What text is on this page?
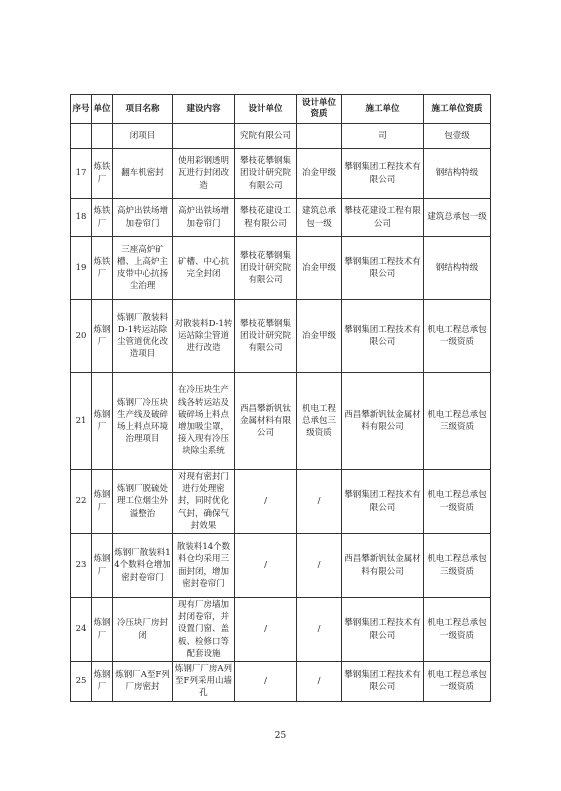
序号	单位	项目名称	建设内容	设计单位	设计单位资质	施工单位	施工单位资质
		闭项目		究院有限公司		司	包壹级
17	炼铁厂	翻车机密封	使用彩钢透明瓦进行封闭改造	攀枝花攀钢集团设计研究院有限公司	冶金甲级	攀钢集团工程技术有限公司	钢结构特级
18	炼铁厂	高炉出铁场增加卷帘门	高炉出铁场增加卷帘门	攀枝花建设工程有限公司	建筑总承包一级	攀枝花建设工程有限公司	建筑总承包一级
19	炼铁厂	三座高炉矿槽、上高炉主皮带中心抗扬尘治理	矿槽、中心抗完全封闭	攀枝花攀钢集团设计研究院有限公司	冶金甲级	攀钢集团工程技术有限公司	钢结构特级
20	炼钢厂	炼钢厂散装料D-1转运站除尘管道优化改造项目	对散装料D-1转运站除尘管道进行改造	攀枝花攀钢集团设计研究院有限公司	冶金甲级	攀钢集团工程技术有限公司	机电工程总承包一级资质
21	炼钢厂	炼钢厂冷压块生产线及破碎场上料点环境治理项目	在冷压块生产线各转运站及破碎场上料点增加吸尘罩，接入现有冷压块除尘系统	西昌攀新钒钛金属材料有限公司	机电工程总承包三级资质	西昌攀新钒钛金属材料有限公司	机电工程总承包三级资质
22	炼钢厂	炼钢厂脱硫处理工位烟尘外溢整治	对现有密封门进行处理密封，同时优化气封，确保气封效果	/	/	攀钢集团工程技术有限公司	机电工程总承包一级资质
23	炼钢厂	炼钢厂散装料14个数料仓增加密封卷帘门	散装料14个数料仓均采用三面封闭，增加密封卷帘门	/	/	西昌攀新钒钛金属材料有限公司	机电工程总承包三级资质
24	炼钢厂	冷压块厂房封闭	现有厂房墙加封闭卷帘，并设置门窗、盖板、检修口等配套设施	/	/	攀钢集团工程技术有限公司	机电工程总承包一级资质
25	炼钢厂	炼钢厂A至F列厂房密封	炼钢厂厂房A列至F列采用山墙孔	/	/	攀钢集团工程技术有限公司	机电工程总承包一级资质
25
